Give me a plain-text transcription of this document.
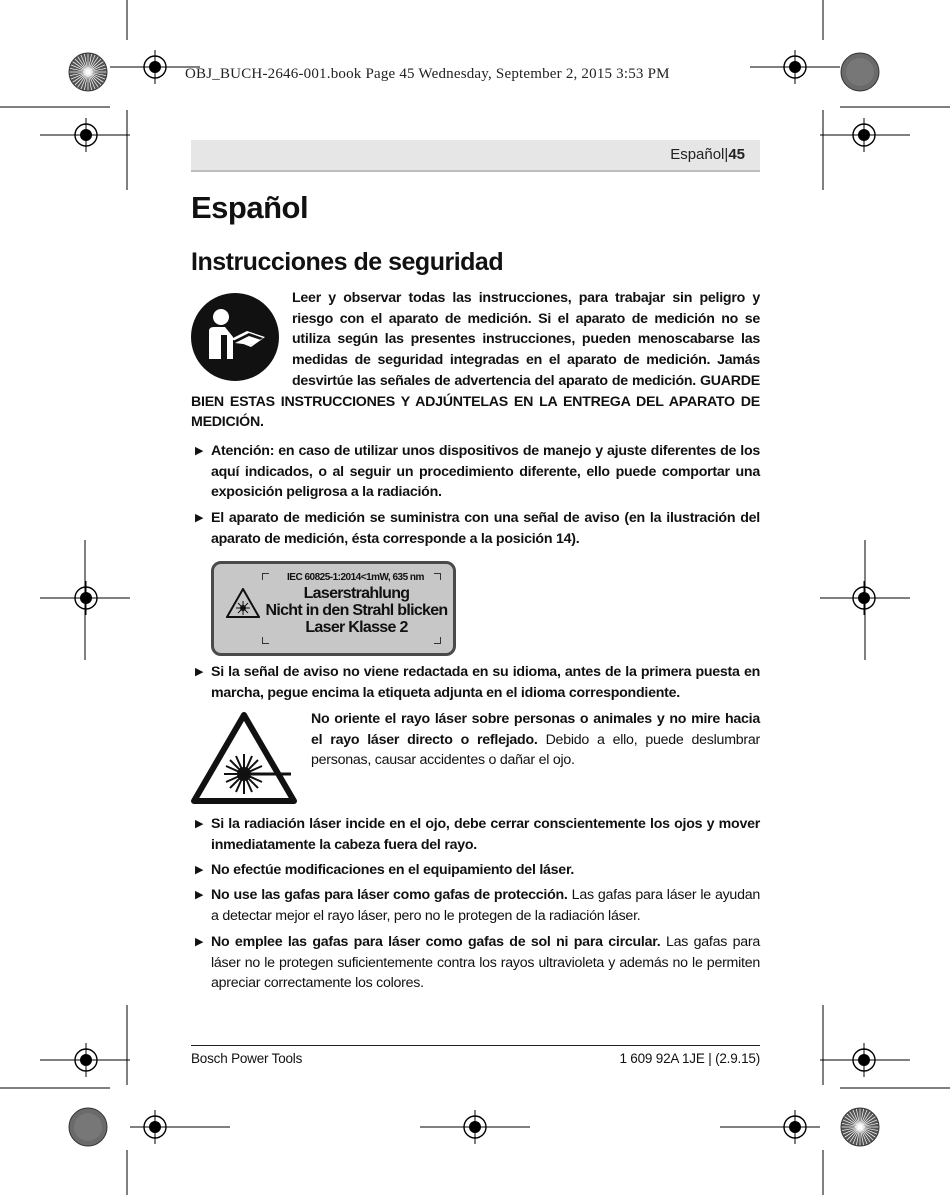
OBJ_BUCH-2646-001.book Page 45 Wednesday, September 2, 2015 3:53 PM
Español|45
Español
Instrucciones de seguridad

Leer y observar todas las instrucciones, para trabajar sin peligro y riesgo con el aparato de medición. Si el aparato de medición no se utiliza según las presentes instrucciones, pueden menoscabarse las medidas de seguridad integradas en el aparato de medición. Jamás desvirtúe las señales de advertencia del aparato de medición. GUARDE BIEN ESTAS INSTRUCCIONES Y ADJÚNTELAS EN LA ENTREGA DEL APARATO DE MEDICIÓN.

▶ Atención: en caso de utilizar unos dispositivos de manejo y ajuste diferentes de los aquí indicados, o al seguir un procedimiento diferente, ello puede comportar una exposición peligrosa a la radiación.
▶ El aparato de medición se suministra con una señal de aviso (en la ilustración del aparato de medición, ésta corresponde a la posición 14).
IEC 60825-1:2014<1mW, 635 nm
Laserstrahlung
Nicht in den Strahl blicken
Laser Klasse 2
▶ Si la señal de aviso no viene redactada en su idioma, antes de la primera puesta en marcha, pegue encima la etiqueta adjunta en el idioma correspondiente.

No oriente el rayo láser sobre personas o animales y no mire hacia el rayo láser directo o reflejado. Debido a ello, puede deslumbrar personas, causar accidentes o dañar el ojo.

▶ Si la radiación láser incide en el ojo, debe cerrar conscientemente los ojos y mover inmediatamente la cabeza fuera del rayo.
▶ No efectúe modificaciones en el equipamiento del láser.
▶ No use las gafas para láser como gafas de protección. Las gafas para láser le ayudan a detectar mejor el rayo láser, pero no le protegen de la radiación láser.
▶ No emplee las gafas para láser como gafas de sol ni para circular. Las gafas para láser no le protegen suficientemente contra los rayos ultravioleta y además no le permiten apreciar correctamente los colores.
Bosch Power Tools	1 609 92A 1JE | (2.9.15)
